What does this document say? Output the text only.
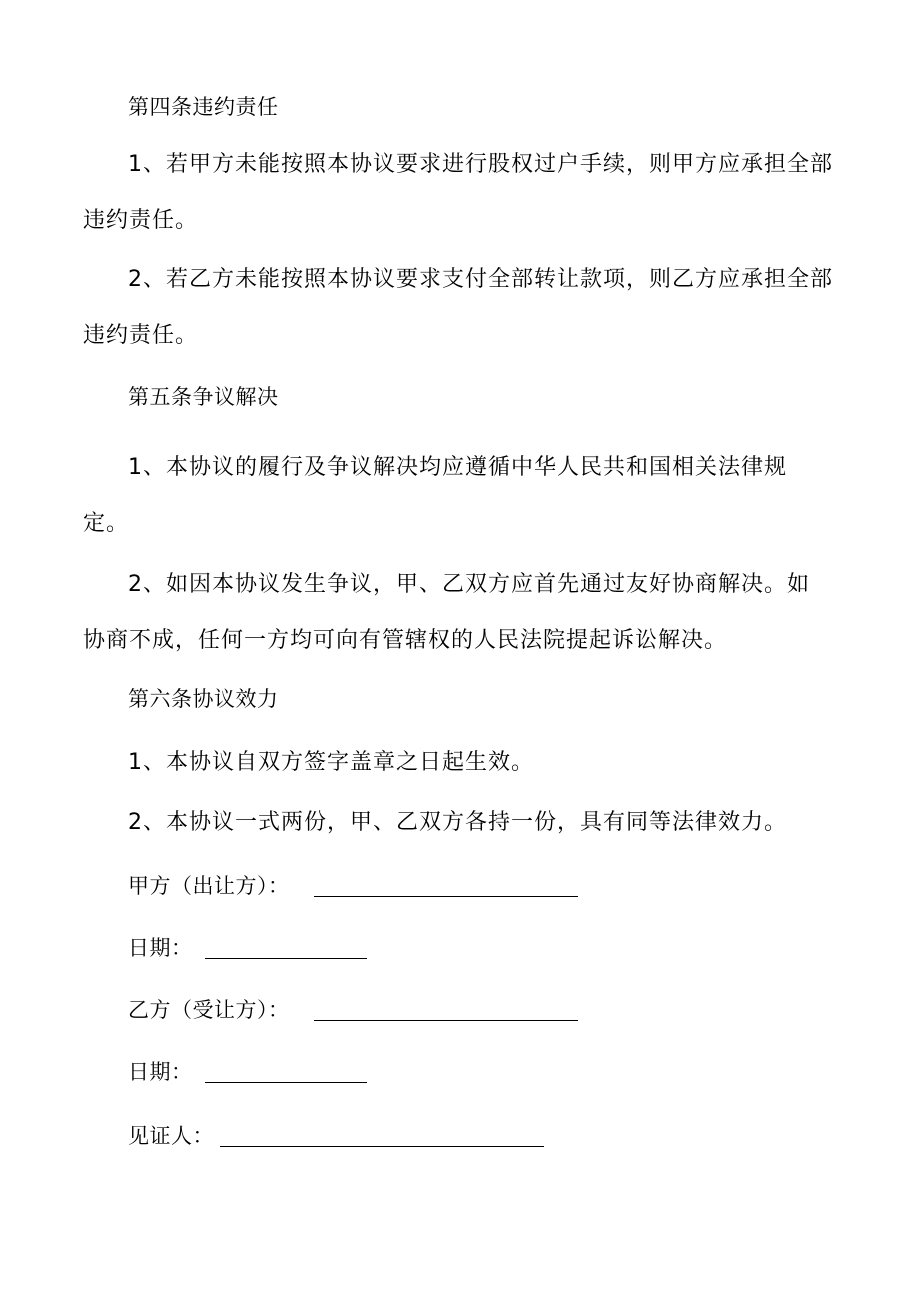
第四条违约责任
1、若甲方未能按照本协议要求进行股权过户手续，则甲方应承担全部
违约责任。
2、若乙方未能按照本协议要求支付全部转让款项，则乙方应承担全部
违约责任。
第五条争议解决
1、本协议的履行及争议解决均应遵循中华人民共和国相关法律规
定。
2、如因本协议发生争议，甲、乙双方应首先通过友好协商解决。如
协商不成，任何一方均可向有管辖权的人民法院提起诉讼解决。
第六条协议效力
1、本协议自双方签字盖章之日起生效。
2、本协议一式两份，甲、乙双方各持一份，具有同等法律效力。
甲方（出让方）：
日期：
乙方（受让方）：
日期：
见证人：
